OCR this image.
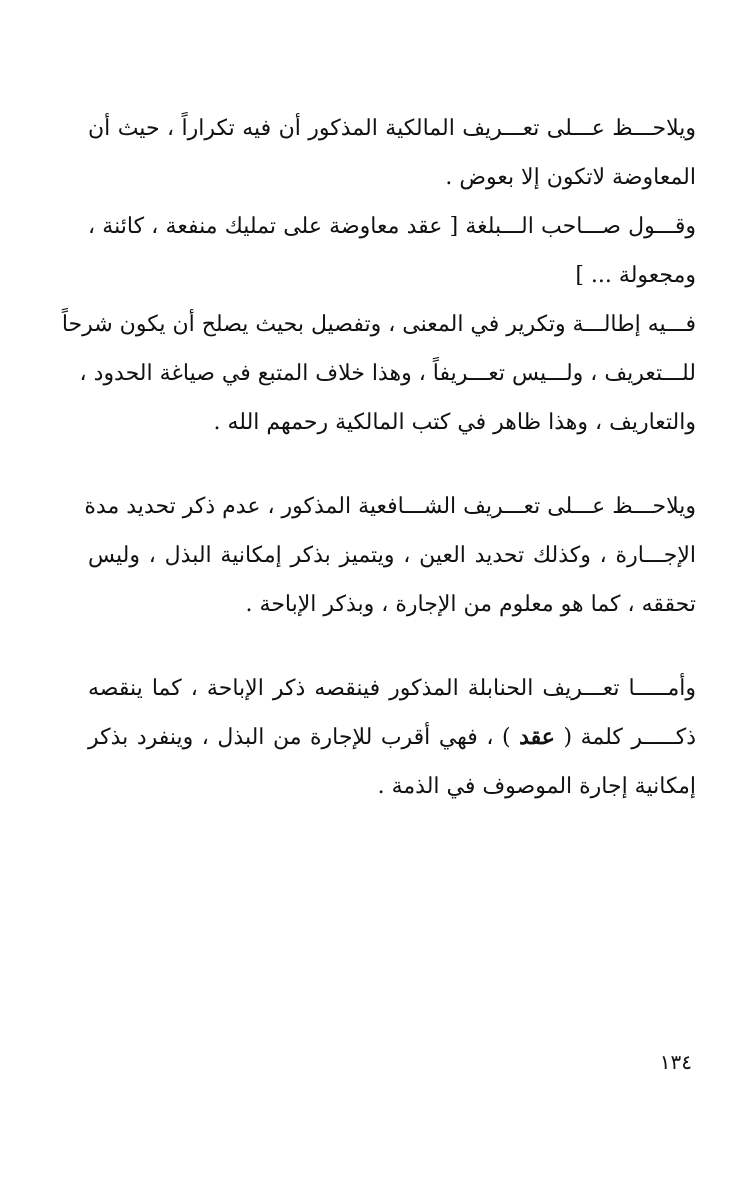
ويلاحـــظ عـــلى تعـــريف المالكية المذكور أن فيه تكراراً ، حيث أن
المعاوضة لاتكون إلا بعوض .
وقـــول صـــاحب الـــبلغة [ عقد معاوضة على تمليك منفعة ، كائنة ،
ومجعولة ... ]
فـــيه إطالـــة وتكرير في المعنى ، وتفصيل بحيث يصلح أن يكون شرحاً
للـــتعريف ، ولـــيس تعـــريفاً ، وهذا خلاف المتبع في صياغة الحدود ،
والتعاريف ، وهذا ظاهر في كتب المالكية رحمهم الله .
ويلاحـــظ عـــلى تعـــريف الشـــافعية المذكور ، عدم ذكر تحديد مدة
الإجـــارة ، وكذلك تحديد العين ، ويتميز بذكر إمكانية البذل ، وليس
تحققه ، كما هو معلوم من الإجارة ، وبذكر الإباحة .
وأمـــــا تعـــريف الحنابلة المذكور فينقصه ذكر الإباحة ، كما ينقصه
ذكـــــر كلمة ( عقد ) ، فهي أقرب للإجارة من البذل ، وينفرد بذكر
إمكانية إجارة الموصوف في الذمة .
١٣٤
